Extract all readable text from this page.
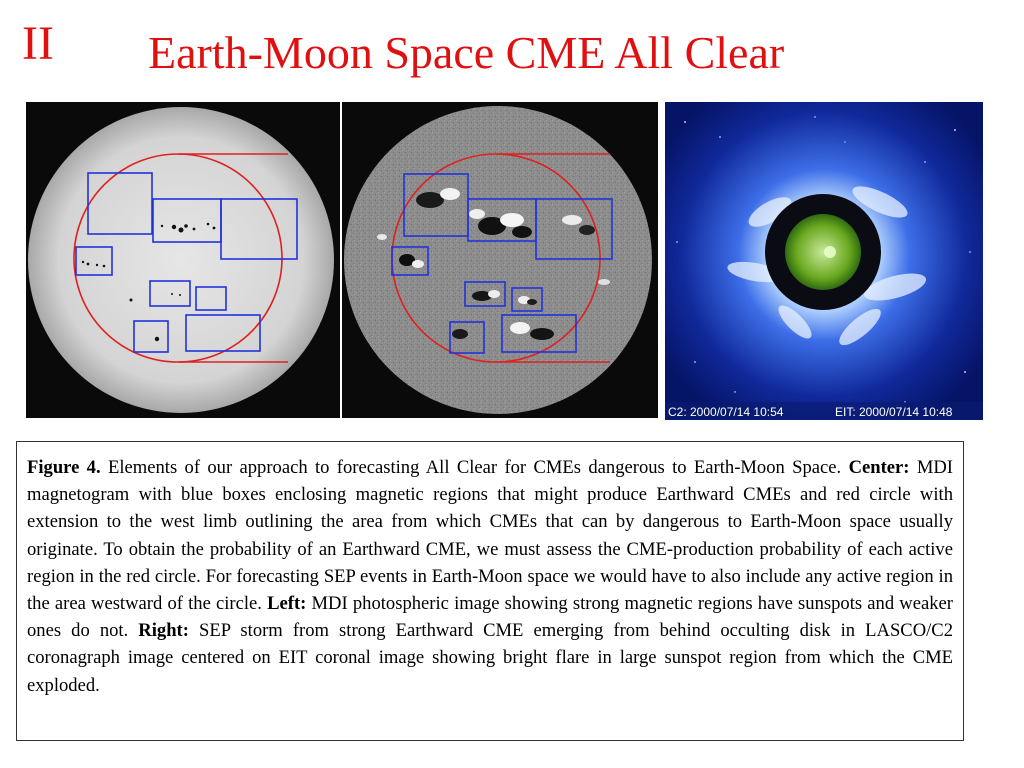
II Earth-Moon Space CME All Clear
C2: 2000/07/14 10:54	EIT: 2000/07/14 10:48

Figure 4. Elements of our approach to forecasting All Clear for CMEs dangerous to Earth-Moon Space. Center: MDI magnetogram with blue boxes enclosing magnetic regions that might produce Earthward CMEs and red circle with extension to the west limb outlining the area from which CMEs that can by dangerous to Earth-Moon space usually originate. To obtain the probability of an Earthward CME, we must assess the CME-production probability of each active region in the red circle. For forecasting SEP events in Earth-Moon space we would have to also include any active region in the area westward of the circle. Left: MDI photospheric image showing strong magnetic regions have sunspots and weaker ones do not. Right: SEP storm from strong Earthward CME emerging from behind occulting disk in LASCO/C2 coronagraph image centered on EIT coronal image showing bright flare in large sunspot region from which the CME exploded.
